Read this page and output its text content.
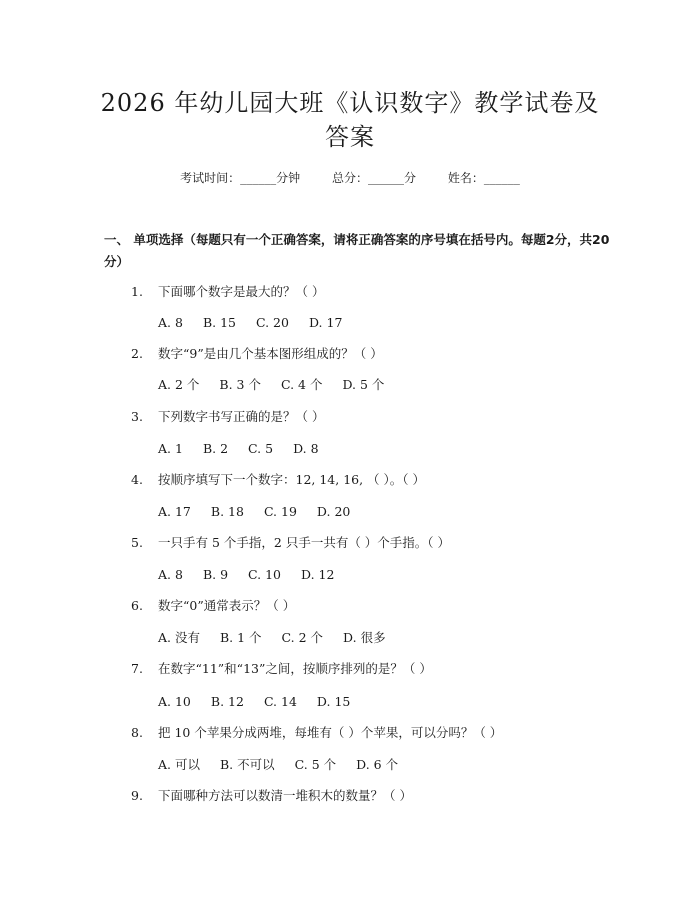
2026 年幼儿园大班《认识数字》教学试卷及
答案
考试时间：______分钟	总分：______分	姓名：______
一、 单项选择（每题只有一个正确答案，请将正确答案的序号填在括号内。每题2分，共20分）
1. 下面哪个数字是最大的？（ ）
A. 8 B. 15 C. 20 D. 17
2. 数字“9”是由几个基本图形组成的？（ ）
A. 2 个 B. 3 个 C. 4 个 D. 5 个
3. 下列数字书写正确的是？（ ）
A. 1 B. 2 C. 5 D. 8
4. 按顺序填写下一个数字：12, 14, 16, （ ）。（ ）
A. 17 B. 18 C. 19 D. 20
5. 一只手有 5 个手指，2 只手一共有（ ）个手指。（ ）
A. 8 B. 9 C. 10 D. 12
6. 数字“0”通常表示？（ ）
A. 没有 B. 1 个 C. 2 个 D. 很多
7. 在数字“11”和“13”之间，按顺序排列的是？（ ）
A. 10 B. 12 C. 14 D. 15
8. 把 10 个苹果分成两堆，每堆有（ ）个苹果，可以分吗？（ ）
A. 可以 B. 不可以 C. 5 个 D. 6 个
9. 下面哪种方法可以数清一堆积木的数量？（ ）
